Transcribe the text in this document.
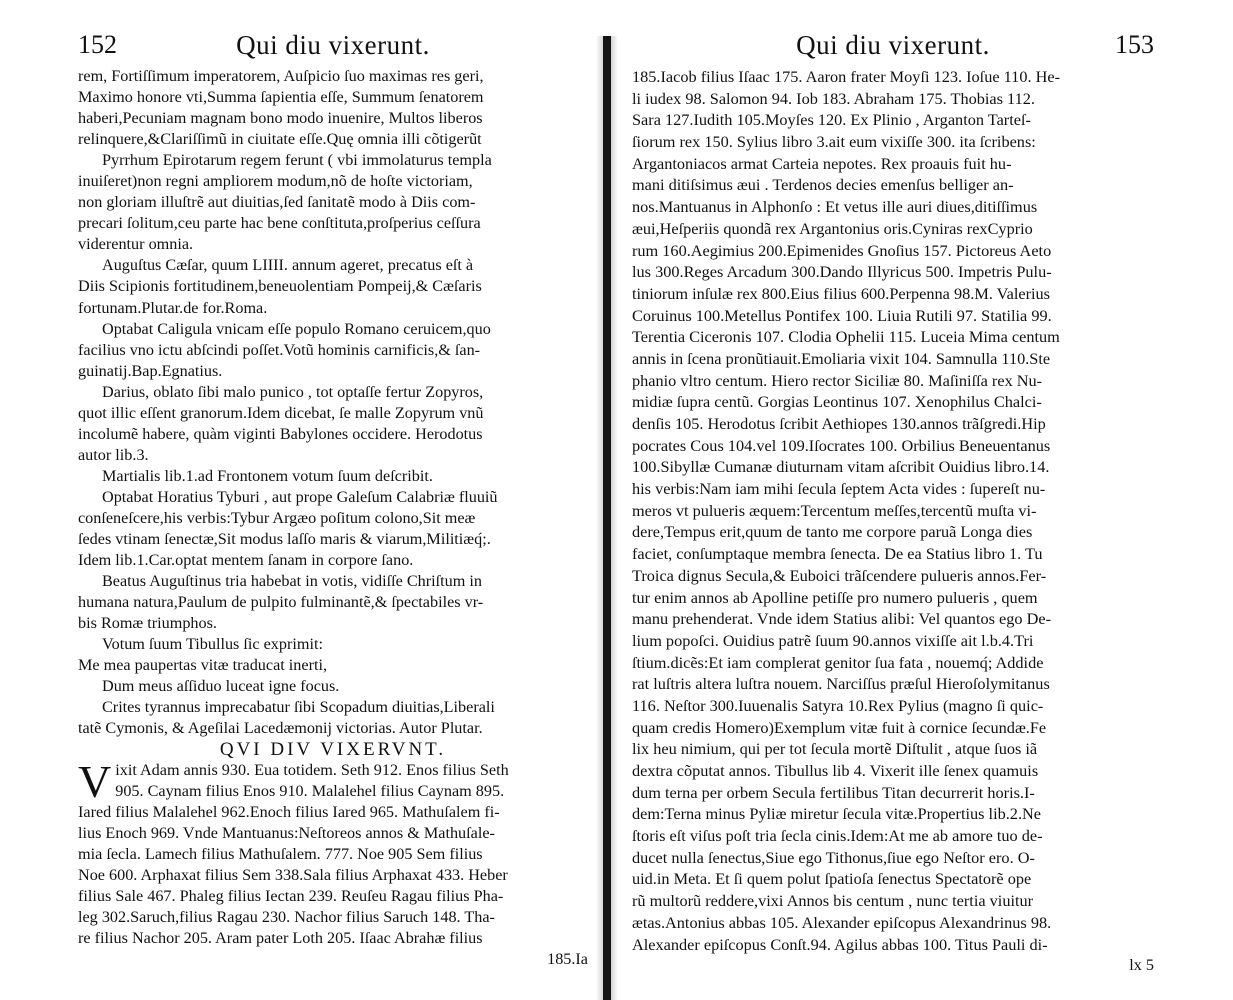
152	Qui diu vixerunt.
rem, Fortiſſimum imperatorem, Auſpicio ſuo maximas res geri,
Maximo honore vti,Summa ſapientia eſſe, Summum ſenatorem
haberi,Pecuniam magnam bono modo inuenire, Multos liberos
relinquere,&Clariſſimũ in ciuitate eſſe.Quę omnia illi cõtigerũt
Pyrrhum Epirotarum regem ferunt ( vbi immolaturus templa
inuiſeret)non regni ampliorem modum,nõ de hoſte victoriam,
non gloriam illuſtrẽ aut diuitias,ſed ſanitatẽ modo à Diis com-
precari ſolitum,ceu parte hac bene conſtituta,proſperius ceſſura
viderentur omnia.
Auguſtus Cæſar, quum LIIII. annum ageret, precatus eſt à
Diis Scipionis fortitudinem,beneuolentiam Pompeij,& Cæſaris
fortunam.Plutar.de for.Roma.
Optabat Caligula vnicam eſſe populo Romano ceruicem,quo
facilius vno ictu abſcindi poſſet.Votũ hominis carnificis,& ſan-
guinatij.Bap.Egnatius.
Darius, oblato ſibi malo punico , tot optaſſe fertur Zopyros,
quot illic eſſent granorum.Idem dicebat, ſe malle Zopyrum vnũ
incolumẽ habere, quàm viginti Babylones occidere. Herodotus
autor lib.3.
Martialis lib.1.ad Frontonem votum ſuum deſcribit.
Optabat Horatius Tyburi , aut prope Galeſum Calabriæ fluuiũ
conſeneſcere,his verbis:Tybur Argæo poſitum colono,Sit meæ
ſedes vtinam ſenectæ,Sit modus laſſo maris & viarum,Militiæq́;.
Idem lib.1.Car.optat mentem ſanam in corpore ſano.
Beatus Auguſtinus tria habebat in votis, vidiſſe Chriſtum in
humana natura,Paulum de pulpito fulminantẽ,& ſpectabiles vr-
bis Romæ triumphos.
Votum ſuum Tibullus ſic exprimit:
Me mea paupertas vitæ traducat inerti,
Dum meus aſſiduo luceat igne focus.
Crites tyrannus imprecabatur ſibi Scopadum diuitias,Liberali
tatẽ Cymonis, & Ageſilai Lacedæmonij victorias. Autor Plutar.
QVI DIV VIXERVNT.
V ixit Adam annis 930. Eua totidem. Seth 912. Enos filius Seth
905. Caynam filius Enos 910. Malalehel filius Caynam 895.
Iared filius Malalehel 962.Enoch filius Iared 965. Mathuſalem fi-
lius Enoch 969. Vnde Mantuanus:Neſtoreos annos & Mathuſale-
mia ſecla. Lamech filius Mathuſalem. 777. Noe 905 Sem filius
Noe 600. Arphaxat filius Sem 338.Sala filius Arphaxat 433. Heber
filius Sale 467. Phaleg filius Iectan 239. Reuſeu Ragau filius Pha-
leg 302.Saruch,filius Ragau 230. Nachor filius Saruch 148. Tha-
re filius Nachor 205. Aram pater Loth 205. Iſaac Abrahæ filius
185.Ia
Qui diu vixerunt.	153
185.Iacob filius Iſaac 175. Aaron frater Moyſi 123. Ioſue 110. He-
li iudex 98. Salomon 94. Iob 183. Abraham 175. Thobias 112.
Sara 127.Iudith 105.Moyſes 120. Ex Plinio , Arganton Tarteſ-
ſiorum rex 150. Sylius libro 3.ait eum vixiſſe 300. ita ſcribens:
Argantoniacos armat Carteia nepotes. Rex proauis fuit hu-
mani ditiſsimus æui . Terdenos decies emenſus belliger an-
nos.Mantuanus in Alphonſo : Et vetus ille auri diues,ditiſſimus
æui,Heſperiis quondã rex Argantonius oris.Cyniras rexCyprio
rum 160.Aegimius 200.Epimenides Gnoſius 157. Pictoreus Aeto
lus 300.Reges Arcadum 300.Dando Illyricus 500. Impetris Pulu-
tiniorum inſulæ rex 800.Eius filius 600.Perpenna 98.M. Valerius
Coruinus 100.Metellus Pontifex 100. Liuia Rutili 97. Statilia 99.
Terentia Ciceronis 107. Clodia Ophelii 115. Luceia Mima centum
annis in ſcena pronũtiauit.Emoliaria vixit 104. Samnulla 110.Ste
phanio vltro centum. Hiero rector Siciliæ 80. Maſiniſſa rex Nu-
midiæ ſupra centũ. Gorgias Leontinus 107. Xenophilus Chalci-
denſis 105. Herodotus ſcribit Aethiopes 130.annos trãſgredi.Hip
pocrates Cous 104.vel 109.Iſocrates 100. Orbilius Beneuentanus
100.Sibyllæ Cumanæ diuturnam vitam aſcribit Ouidius libro.14.
his verbis:Nam iam mihi ſecula ſeptem Acta vides : ſupereſt nu-
meros vt pulueris æquem:Tercentum meſſes,tercentũ muſta vi-
dere,Tempus erit,quum de tanto me corpore paruã Longa dies
faciet, conſumptaque membra ſenecta. De ea Statius libro 1. Tu
Troica dignus Secula,& Euboici trãſcendere pulueris annos.Fer-
tur enim annos ab Apolline petiſſe pro numero pulueris , quem
manu prehenderat. Vnde idem Statius alibi: Vel quantos ego De-
lium popoſci. Ouidius patrẽ ſuum 90.annos vixiſſe ait l.b.4.Tri
ſtium.dicẽs:Et iam complerat genitor ſua fata , nouemq́; Addide
rat luſtris altera luſtra nouem. Narciſſus præſul Hieroſolymitanus
116. Neſtor 300.Iuuenalis Satyra 10.Rex Pylius (magno ſi quic-
quam credis Homero)Exemplum vitæ fuit à cornice ſecundæ.Fe
lix heu nimium, qui per tot ſecula mortẽ Diſtulit , atque ſuos iã
dextra cõputat annos. Tibullus lib 4. Vixerit ille ſenex quamuis
dum terna per orbem Secula fertilibus Titan decurrerit horis.I-
dem:Terna minus Pyliæ miretur ſecula vitæ.Propertius lib.2.Ne
ſtoris eſt viſus poſt tria ſecla cinis.Idem:At me ab amore tuo de-
ducet nulla ſenectus,Siue ego Tithonus,ſiue ego Neſtor ero. O-
uid.in Meta. Et ſi quem polut ſpatioſa ſenectus Spectatorẽ ope
rũ multorũ reddere,vixi Annos bis centum , nunc tertia viuitur
ætas.Antonius abbas 105. Alexander epiſcopus Alexandrinus 98.
Alexander epiſcopus Conſt.94. Agilus abbas 100. Titus Pauli di-
lx 5
